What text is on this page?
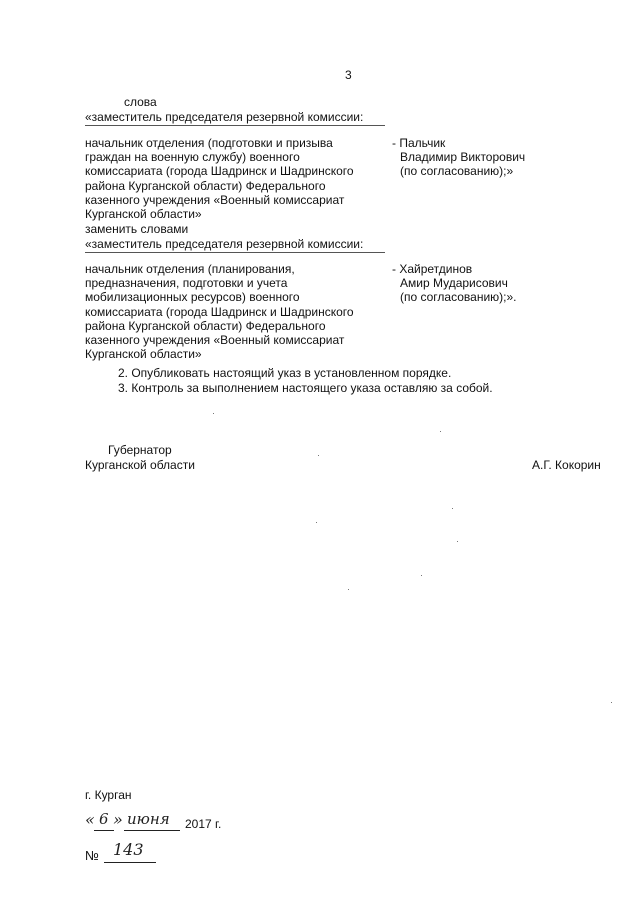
3
слова
«заместитель председателя резервной комиссии:
начальник отделения (подготовки и призыва
граждан на военную службу) военного
комиссариата (города Шадринск и Шадринского
района Курганской области) Федерального
казенного учреждения «Военный комиссариат
Курганской области»
- Пальчик
Владимир Викторович
(по согласованию);»
заменить словами
«заместитель председателя резервной комиссии:
начальник отделения (планирования,
предназначения, подготовки и учета
мобилизационных ресурсов) военного
комиссариата (города Шадринск и Шадринского
района Курганской области) Федерального
казенного учреждения «Военный комиссариат
Курганской области»
- Хайретдинов
Амир Мударисович
(по согласованию);».
2. Опубликовать настоящий указ в установленном порядке.
3. Контроль за выполнением настоящего указа оставляю за собой.
Губернатор
Курганской области	А.Г. Кокорин
г. Курган
« 6 » июня 2017 г.
№ 143
